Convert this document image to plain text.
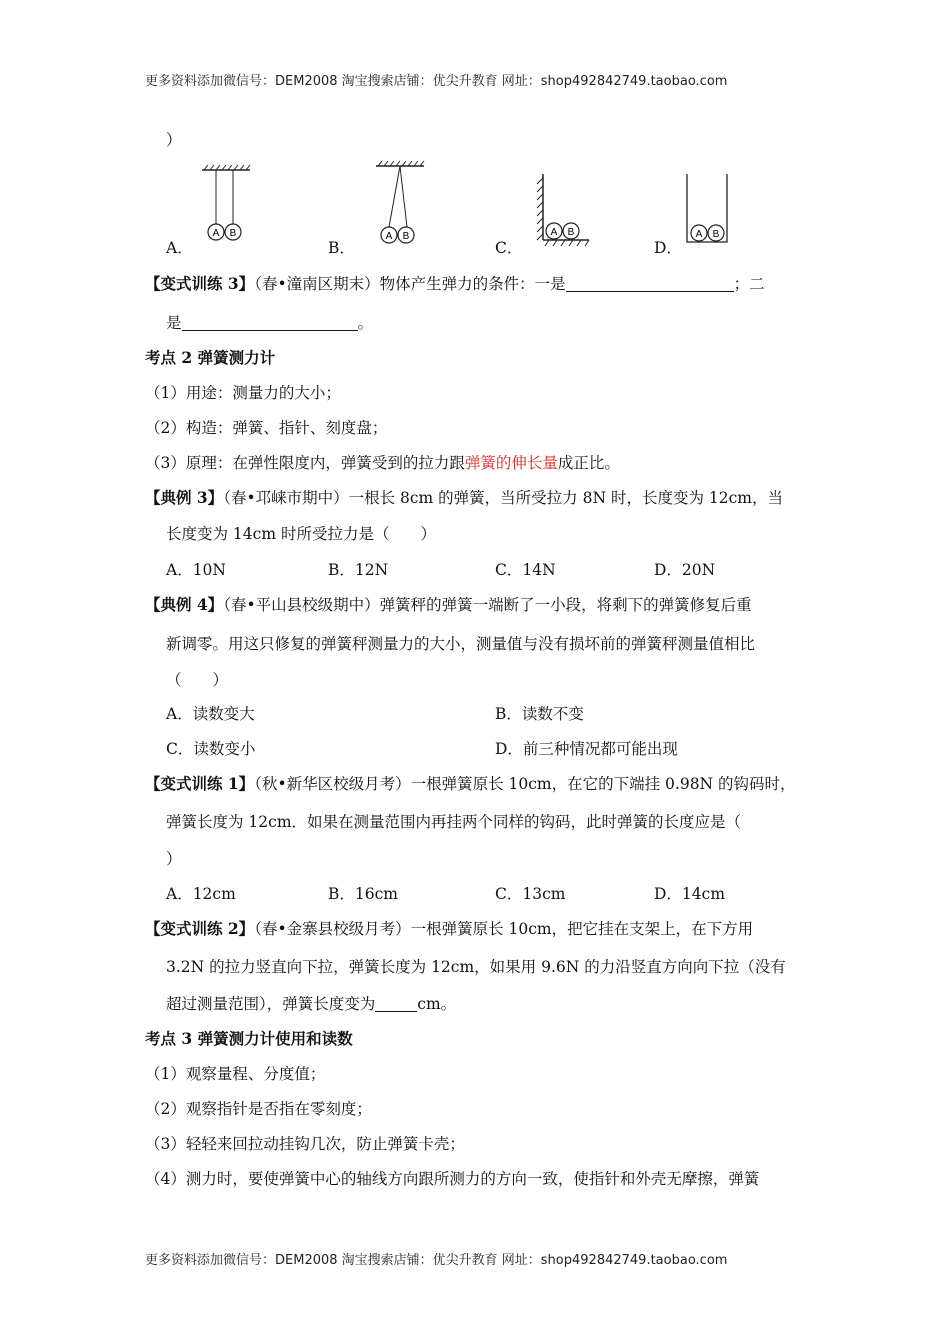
更多资料添加微信号：DEM2008 淘宝搜索店铺：优尖升教育 网址：shop492842749.taobao.com
）
A B	A B	A B	A B
A．	B．	C．	D．
【变式训练 3】（春•潼南区期末）物体产生弹力的条件：一是	；二
是	。
考点 2 弹簧测力计
（1）用途：测量力的大小；
（2）构造：弹簧、指针、刻度盘；
（3）原理：在弹性限度内，弹簧受到的拉力跟弹簧的伸长量成正比。
【典例 3】（春•邛崃市期中）一根长 8cm 的弹簧，当所受拉力 8N 时，长度变为 12cm，当
长度变为 14cm 时所受拉力是（　　）
A．10N	B．12N	C．14N	D．20N
【典例 4】（春•平山县校级期中）弹簧秤的弹簧一端断了一小段，将剩下的弹簧修复后重
新调零。用这只修复的弹簧秤测量力的大小，测量值与没有损坏前的弹簧秤测量值相比
（　　）
A．读数变大	B．读数不变
C．读数变小	D．前三种情况都可能出现
【变式训练 1】（秋•新华区校级月考）一根弹簧原长 10cm，在它的下端挂 0.98N 的钩码时，
弹簧长度为 12cm．如果在测量范围内再挂两个同样的钩码，此时弹簧的长度应是（
）
A．12cm	B．16cm	C．13cm	D．14cm
【变式训练 2】（春•金寨县校级月考）一根弹簧原长 10cm，把它挂在支架上，在下方用
3.2N 的拉力竖直向下拉，弹簧长度为 12cm，如果用 9.6N 的力沿竖直方向向下拉（没有
超过测量范围），弹簧长度变为	cm。
考点 3 弹簧测力计使用和读数
（1）观察量程、分度值；
（2）观察指针是否指在零刻度；
（3）轻轻来回拉动挂钩几次，防止弹簧卡壳；
（4）测力时，要使弹簧中心的轴线方向跟所测力的方向一致，使指针和外壳无摩擦，弹簧
更多资料添加微信号：DEM2008 淘宝搜索店铺：优尖升教育 网址：shop492842749.taobao.com
